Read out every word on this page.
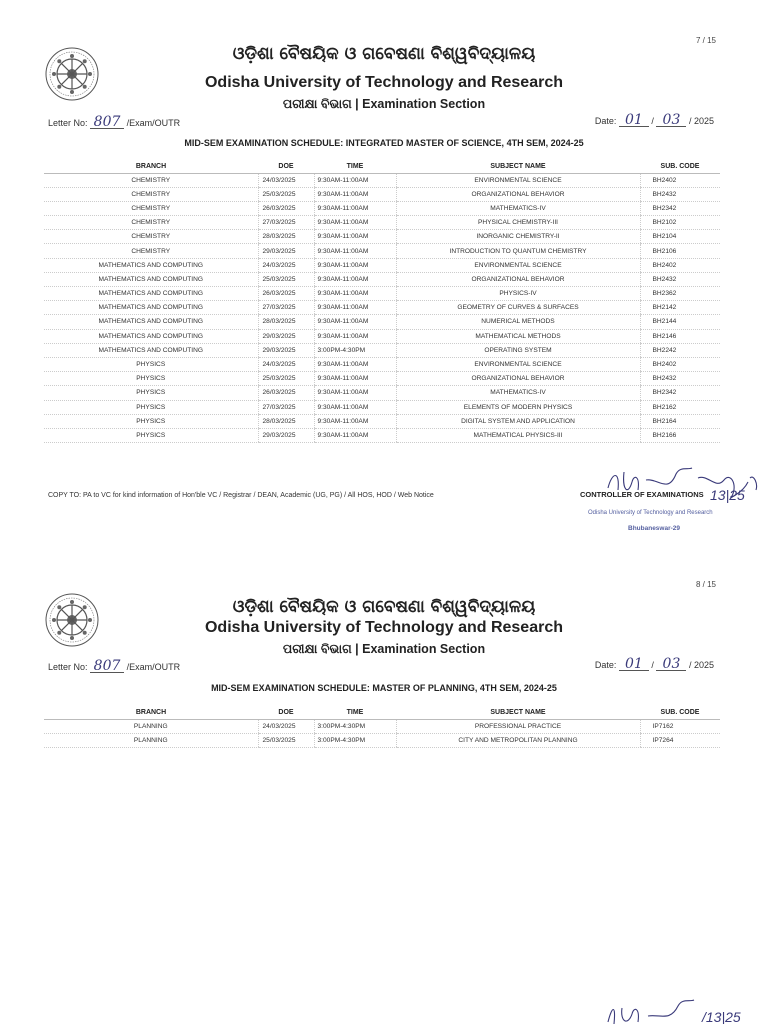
7 / 15
ଓଡ଼ିଶା ବୈଷୟିକ ଓ ଗବେଷଣା ବିଶ୍ୱବିଦ୍ୟାଳୟ
Odisha University of Technology and Research
ପରୀକ୍ଷା ବିଭାଗ | Examination Section
Letter No: 807 /Exam/OUTR	Date: 01 / 03 / 2025
MID-SEM EXAMINATION SCHEDULE: INTEGRATED MASTER OF SCIENCE, 4TH SEM, 2024-25
BRANCH	DOE	TIME	SUBJECT NAME	SUB. CODE
CHEMISTRY	24/03/2025	9:30AM-11:00AM	ENVIRONMENTAL SCIENCE	BH2402
CHEMISTRY	25/03/2025	9:30AM-11:00AM	ORGANIZATIONAL BEHAVIOR	BH2432
CHEMISTRY	26/03/2025	9:30AM-11:00AM	MATHEMATICS-IV	BH2342
CHEMISTRY	27/03/2025	9:30AM-11:00AM	PHYSICAL CHEMISTRY-III	BH2102
CHEMISTRY	28/03/2025	9:30AM-11:00AM	INORGANIC CHEMISTRY-II	BH2104
CHEMISTRY	29/03/2025	9:30AM-11:00AM	INTRODUCTION TO QUANTUM CHEMISTRY	BH2106
MATHEMATICS AND COMPUTING	24/03/2025	9:30AM-11:00AM	ENVIRONMENTAL SCIENCE	BH2402
MATHEMATICS AND COMPUTING	25/03/2025	9:30AM-11:00AM	ORGANIZATIONAL BEHAVIOR	BH2432
MATHEMATICS AND COMPUTING	26/03/2025	9:30AM-11:00AM	PHYSICS-IV	BH2362
MATHEMATICS AND COMPUTING	27/03/2025	9:30AM-11:00AM	GEOMETRY OF CURVES & SURFACES	BH2142
MATHEMATICS AND COMPUTING	28/03/2025	9:30AM-11:00AM	NUMERICAL METHODS	BH2144
MATHEMATICS AND COMPUTING	29/03/2025	9:30AM-11:00AM	MATHEMATICAL METHODS	BH2146
MATHEMATICS AND COMPUTING	29/03/2025	3:00PM-4:30PM	OPERATING SYSTEM	BH2242
PHYSICS	24/03/2025	9:30AM-11:00AM	ENVIRONMENTAL SCIENCE	BH2402
PHYSICS	25/03/2025	9:30AM-11:00AM	ORGANIZATIONAL BEHAVIOR	BH2432
PHYSICS	26/03/2025	9:30AM-11:00AM	MATHEMATICS-IV	BH2342
PHYSICS	27/03/2025	9:30AM-11:00AM	ELEMENTS OF MODERN PHYSICS	BH2162
PHYSICS	28/03/2025	9:30AM-11:00AM	DIGITAL SYSTEM AND APPLICATION	BH2164
PHYSICS	29/03/2025	9:30AM-11:00AM	MATHEMATICAL PHYSICS-III	BH2166
COPY TO: PA to VC for kind information of Hon'ble VC / Registrar / DEAN, Academic (UG, PG) / All HOS, HOD / Web Notice	13|25
CONTROLLER OF EXAMINATIONS
Odisha University of Technology and Research
Bhubaneswar-29
8 / 15
ଓଡ଼ିଶା ବୈଷୟିକ ଓ ଗବେଷଣା ବିଶ୍ୱବିଦ୍ୟାଳୟ
Odisha University of Technology and Research
ପରୀକ୍ଷା ବିଭାଗ | Examination Section
Letter No: 807 /Exam/OUTR	Date: 01 / 03 / 2025
MID-SEM EXAMINATION SCHEDULE: MASTER OF PLANNING, 4TH SEM, 2024-25
BRANCH	DOE	TIME	SUBJECT NAME	SUB. CODE
PLANNING	24/03/2025	3:00PM-4:30PM	PROFESSIONAL PRACTICE	IP7162
PLANNING	25/03/2025	3:00PM-4:30PM	CITY AND METROPOLITAN PLANNING	IP7264
/13|25
